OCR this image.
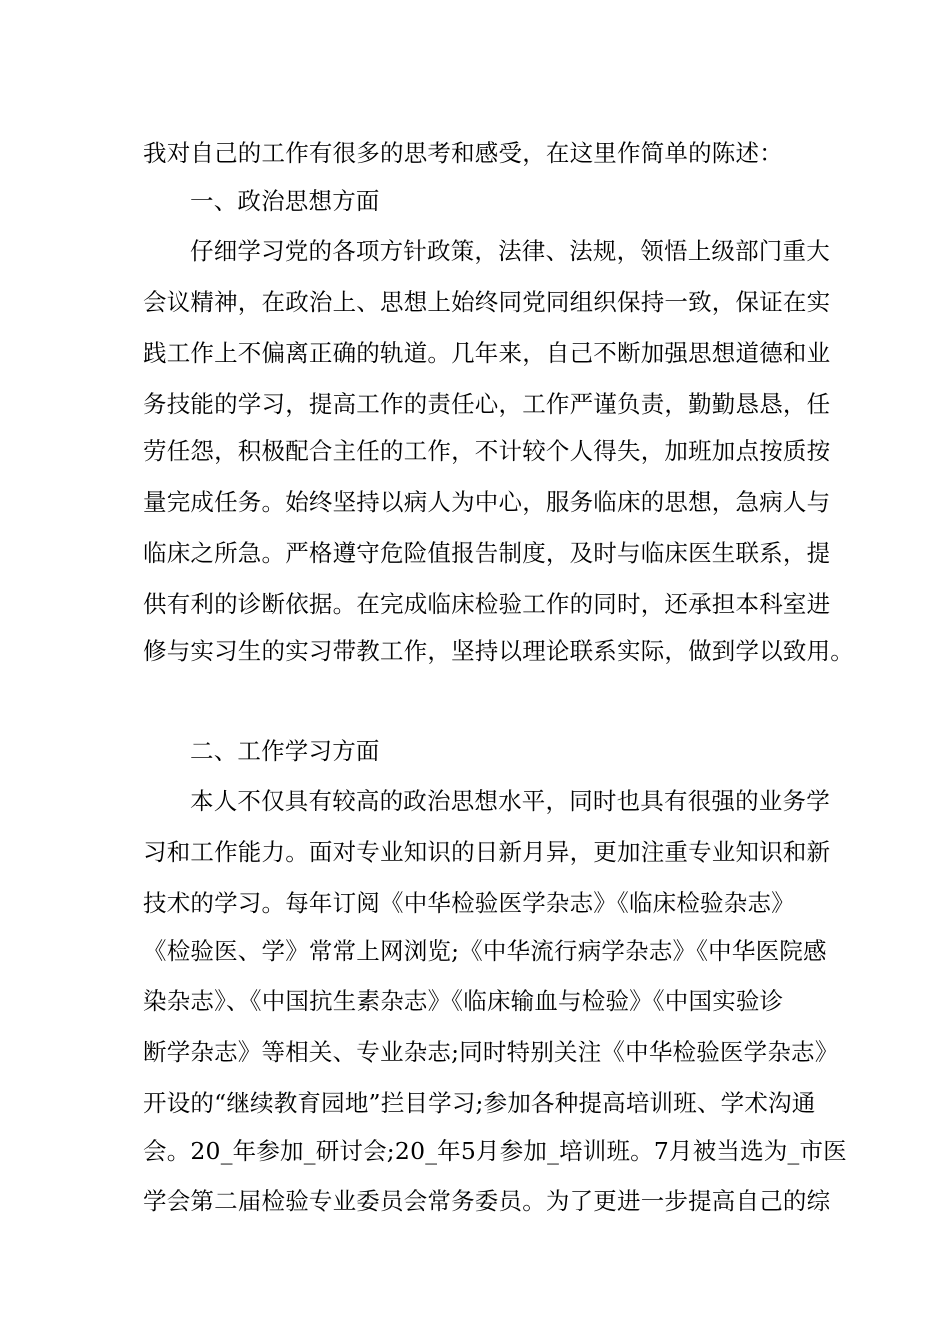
我对自己的工作有很多的思考和感受，在这里作简单的陈述：
一、政治思想方面
仔细学习党的各项方针政策，法律、法规，领悟上级部门重大
会议精神，在政治上、思想上始终同党同组织保持一致，保证在实
践工作上不偏离正确的轨道。几年来，自己不断加强思想道德和业
务技能的学习，提高工作的责任心，工作严谨负责，勤勤恳恳，任
劳任怨，积极配合主任的工作，不计较个人得失，加班加点按质按
量完成任务。始终坚持以病人为中心，服务临床的思想，急病人与
临床之所急。严格遵守危险值报告制度，及时与临床医生联系，提
供有利的诊断依据。在完成临床检验工作的同时，还承担本科室进
修与实习生的实习带教工作，坚持以理论联系实际，做到学以致用。
二、工作学习方面
本人不仅具有较高的政治思想水平，同时也具有很强的业务学
习和工作能力。面对专业知识的日新月异，更加注重专业知识和新
技术的学习。每年订阅《中华检验医学杂志》《临床检验杂志》
《检验医、学》常常上网浏览;《中华流行病学杂志》《中华医院感
染杂志》、《中国抗生素杂志》《临床输血与检验》《中国实验诊
断学杂志》等相关、专业杂志;同时特别关注《中华检验医学杂志》
开设的“继续教育园地”拦目学习;参加各种提高培训班、学术沟通
会。20_年参加_研讨会;20_年5月参加_培训班。7月被当选为_市医
学会第二届检验专业委员会常务委员。为了更进一步提高自己的综
